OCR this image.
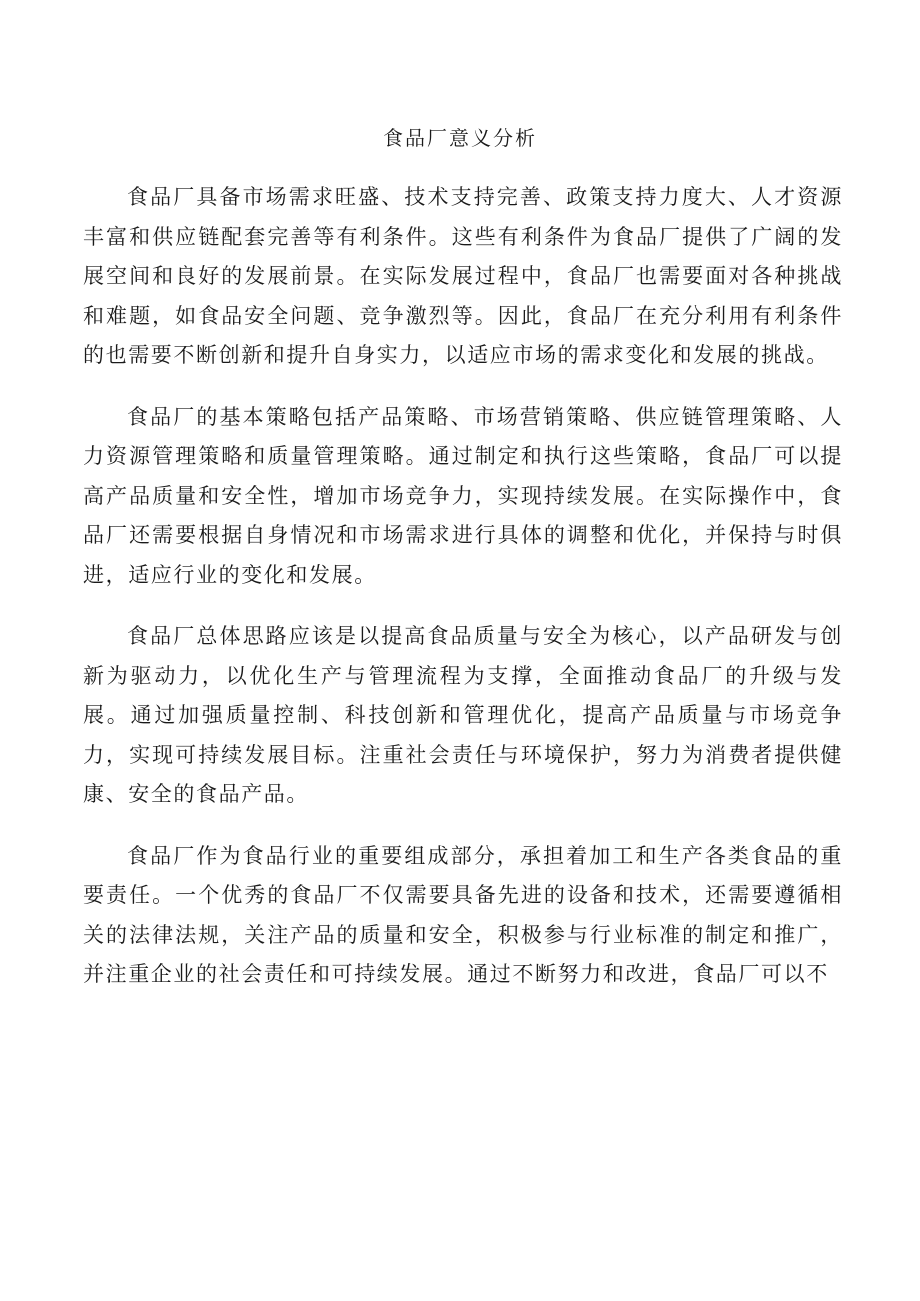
食品厂意义分析

食品厂具备市场需求旺盛、技术支持完善、政策支持力度大、人才资源丰富和供应链配套完善等有利条件。这些有利条件为食品厂提供了广阔的发展空间和良好的发展前景。在实际发展过程中，食品厂也需要面对各种挑战和难题，如食品安全问题、竞争激烈等。因此，食品厂在充分利用有利条件的也需要不断创新和提升自身实力，以适应市场的需求变化和发展的挑战。

食品厂的基本策略包括产品策略、市场营销策略、供应链管理策略、人力资源管理策略和质量管理策略。通过制定和执行这些策略，食品厂可以提高产品质量和安全性，增加市场竞争力，实现持续发展。在实际操作中，食品厂还需要根据自身情况和市场需求进行具体的调整和优化，并保持与时俱进，适应行业的变化和发展。

食品厂总体思路应该是以提高食品质量与安全为核心，以产品研发与创新为驱动力，以优化生产与管理流程为支撑，全面推动食品厂的升级与发展。通过加强质量控制、科技创新和管理优化，提高产品质量与市场竞争力，实现可持续发展目标。注重社会责任与环境保护，努力为消费者提供健康、安全的食品产品。

食品厂作为食品行业的重要组成部分，承担着加工和生产各类食品的重要责任。一个优秀的食品厂不仅需要具备先进的设备和技术，还需要遵循相关的法律法规，关注产品的质量和安全，积极参与行业标准的制定和推广，并注重企业的社会责任和可持续发展。通过不断努力和改进，食品厂可以不
